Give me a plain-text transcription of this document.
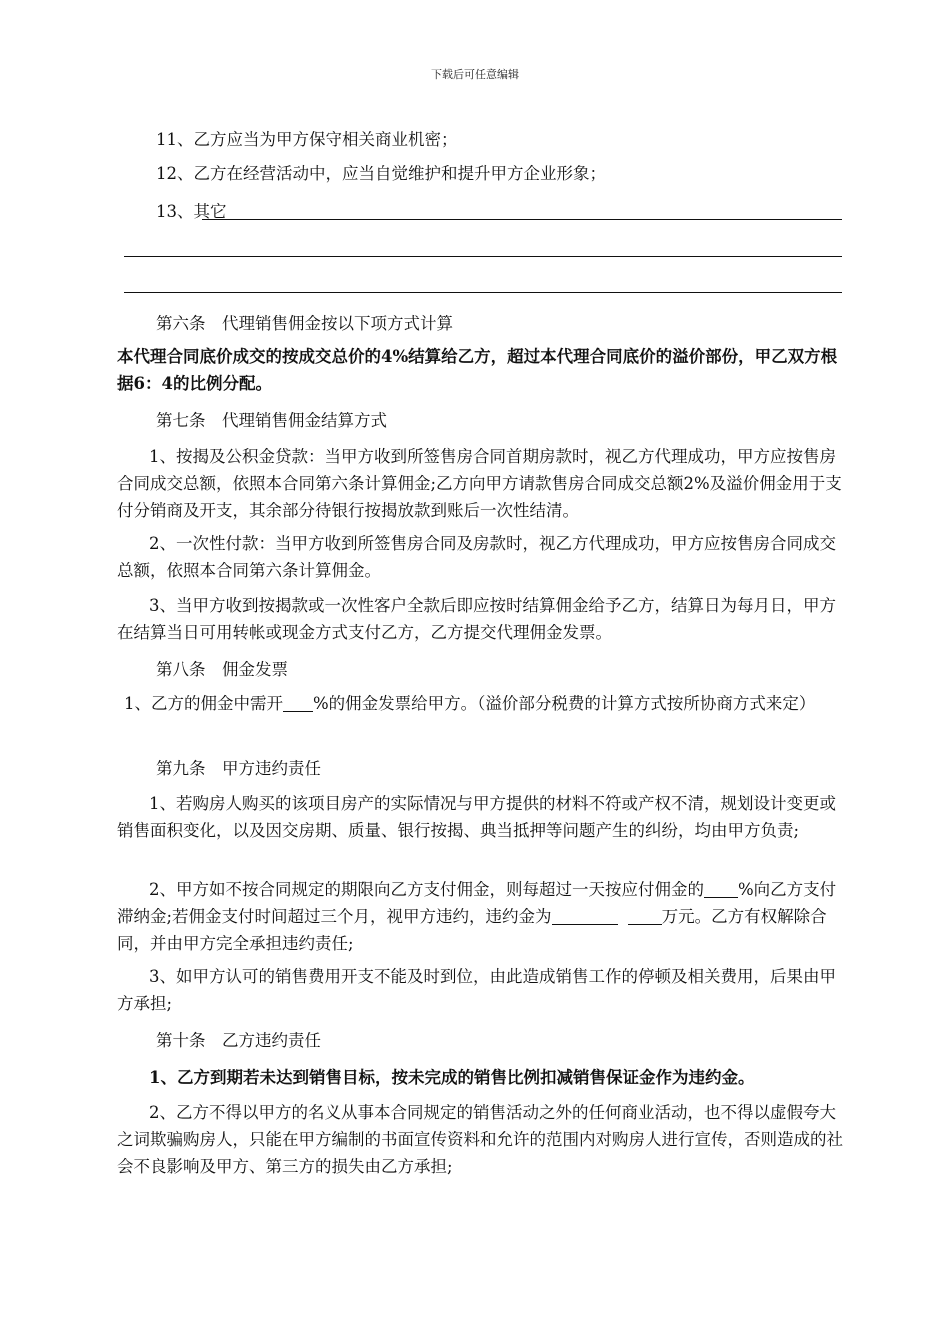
下载后可任意编辑
11、乙方应当为甲方保守相关商业机密；
12、乙方在经营活动中，应当自觉维护和提升甲方企业形象；
13、其它
第六条　代理销售佣金按以下项方式计算
本代理合同底价成交的按成交总价的4%结算给乙方，超过本代理合同底价的溢价部份，甲乙双方根据6：4的比例分配。
第七条　代理销售佣金结算方式
1、按揭及公积金贷款：当甲方收到所签售房合同首期房款时，视乙方代理成功，甲方应按售房合同成交总额，依照本合同第六条计算佣金;乙方向甲方请款售房合同成交总额2%及溢价佣金用于支付分销商及开支，其余部分待银行按揭放款到账后一次性结清。
2、一次性付款：当甲方收到所签售房合同及房款时，视乙方代理成功，甲方应按售房合同成交总额，依照本合同第六条计算佣金。
3、当甲方收到按揭款或一次性客户全款后即应按时结算佣金给予乙方，结算日为每月日，甲方在结算当日可用转帐或现金方式支付乙方，乙方提交代理佣金发票。
第八条　佣金发票
1、乙方的佣金中需开 %的佣金发票给甲方。（溢价部分税费的计算方式按所协商方式来定）
第九条　甲方违约责任
1、若购房人购买的该项目房产的实际情况与甲方提供的材料不符或产权不清，规划设计变更或销售面积变化，以及因交房期、质量、银行按揭、典当抵押等问题产生的纠纷，均由甲方负责;
2、甲方如不按合同规定的期限向乙方支付佣金，则每超过一天按应付佣金的 %向乙方支付滞纳金;若佣金支付时间超过三个月，视甲方违约，违约金为	万元。乙方有权解除合同，并由甲方完全承担违约责任;
3、如甲方认可的销售费用开支不能及时到位，由此造成销售工作的停顿及相关费用，后果由甲方承担;
第十条　乙方违约责任
1、乙方到期若未达到销售目标，按未完成的销售比例扣减销售保证金作为违约金。
2、乙方不得以甲方的名义从事本合同规定的销售活动之外的任何商业活动，也不得以虚假夸大之词欺骗购房人，只能在甲方编制的书面宣传资料和允许的范围内对购房人进行宣传，否则造成的社会不良影响及甲方、第三方的损失由乙方承担;
